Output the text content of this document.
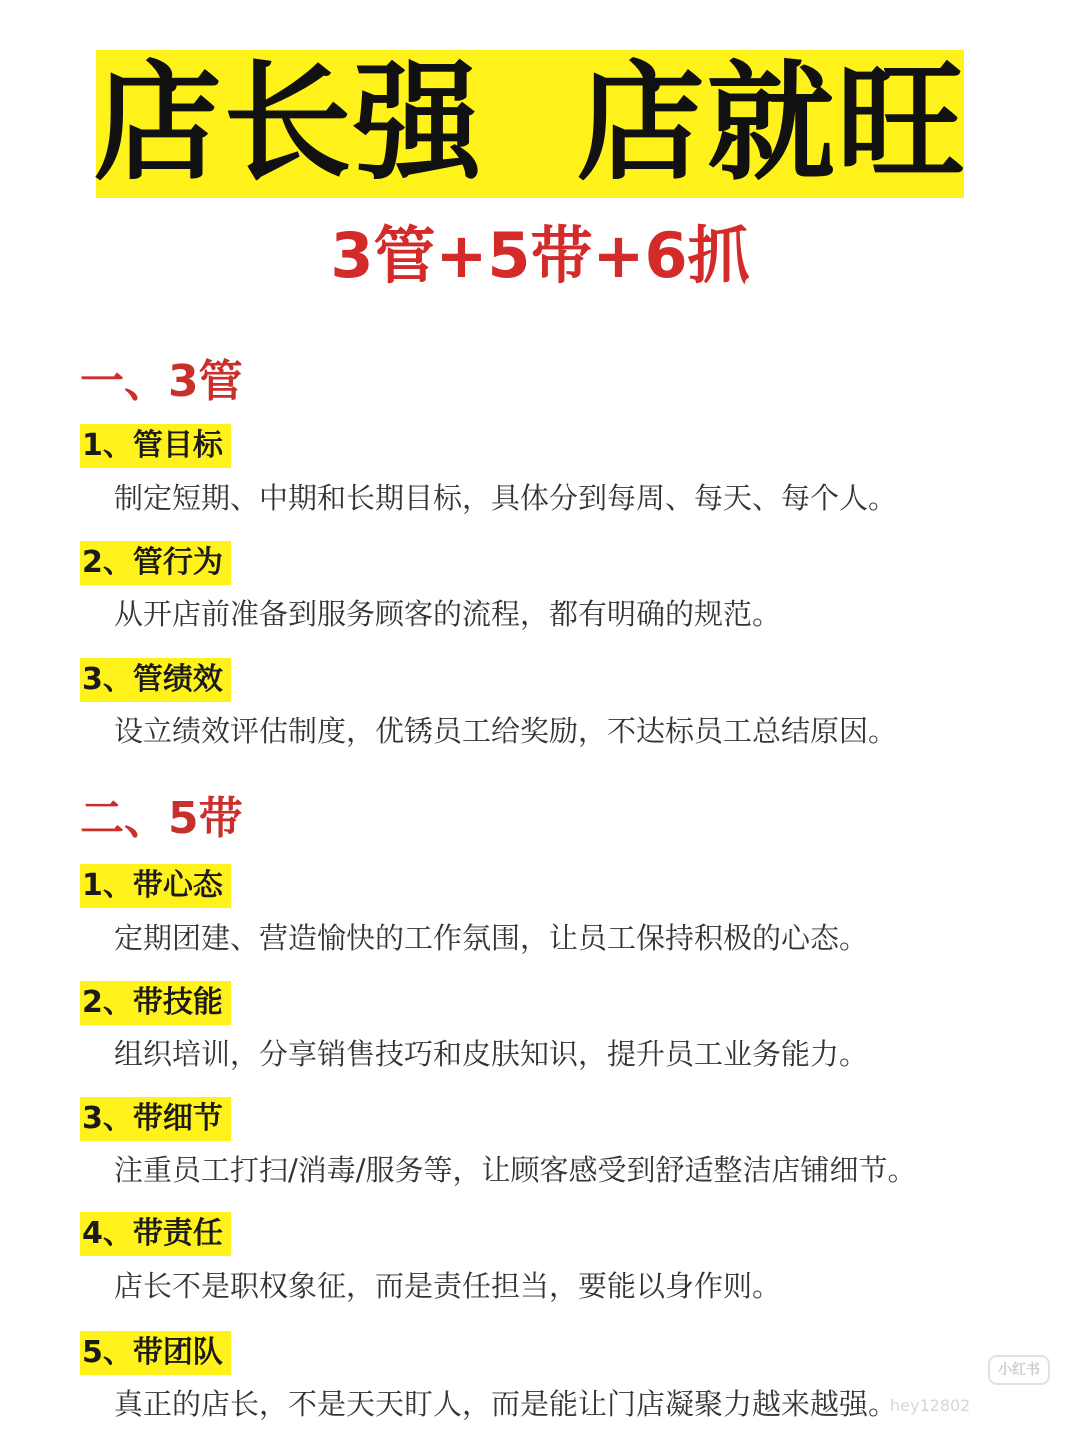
店长强  店就旺
3管+5带+6抓
一、3管
1、管目标
制定短期、中期和长期目标，具体分到每周、每天、每个人。
2、管行为
从开店前准备到服务顾客的流程，都有明确的规范。
3、管绩效
设立绩效评估制度，优锈员工给奖励，不达标员工总结原因。
二、5带
1、带心态
定期团建、营造愉快的工作氛围，让员工保持积极的心态。
2、带技能
组织培训，分享销售技巧和皮肤知识，提升员工业务能力。
3、带细节
注重员工打扫/消毒/服务等，让顾客感受到舒适整洁店铺细节。
4、带责任
店长不是职权象征，而是责任担当，要能以身作则。
5、带团队
真正的店长，不是天天盯人，而是能让门店凝聚力越来越强。
小红书
hey12802
